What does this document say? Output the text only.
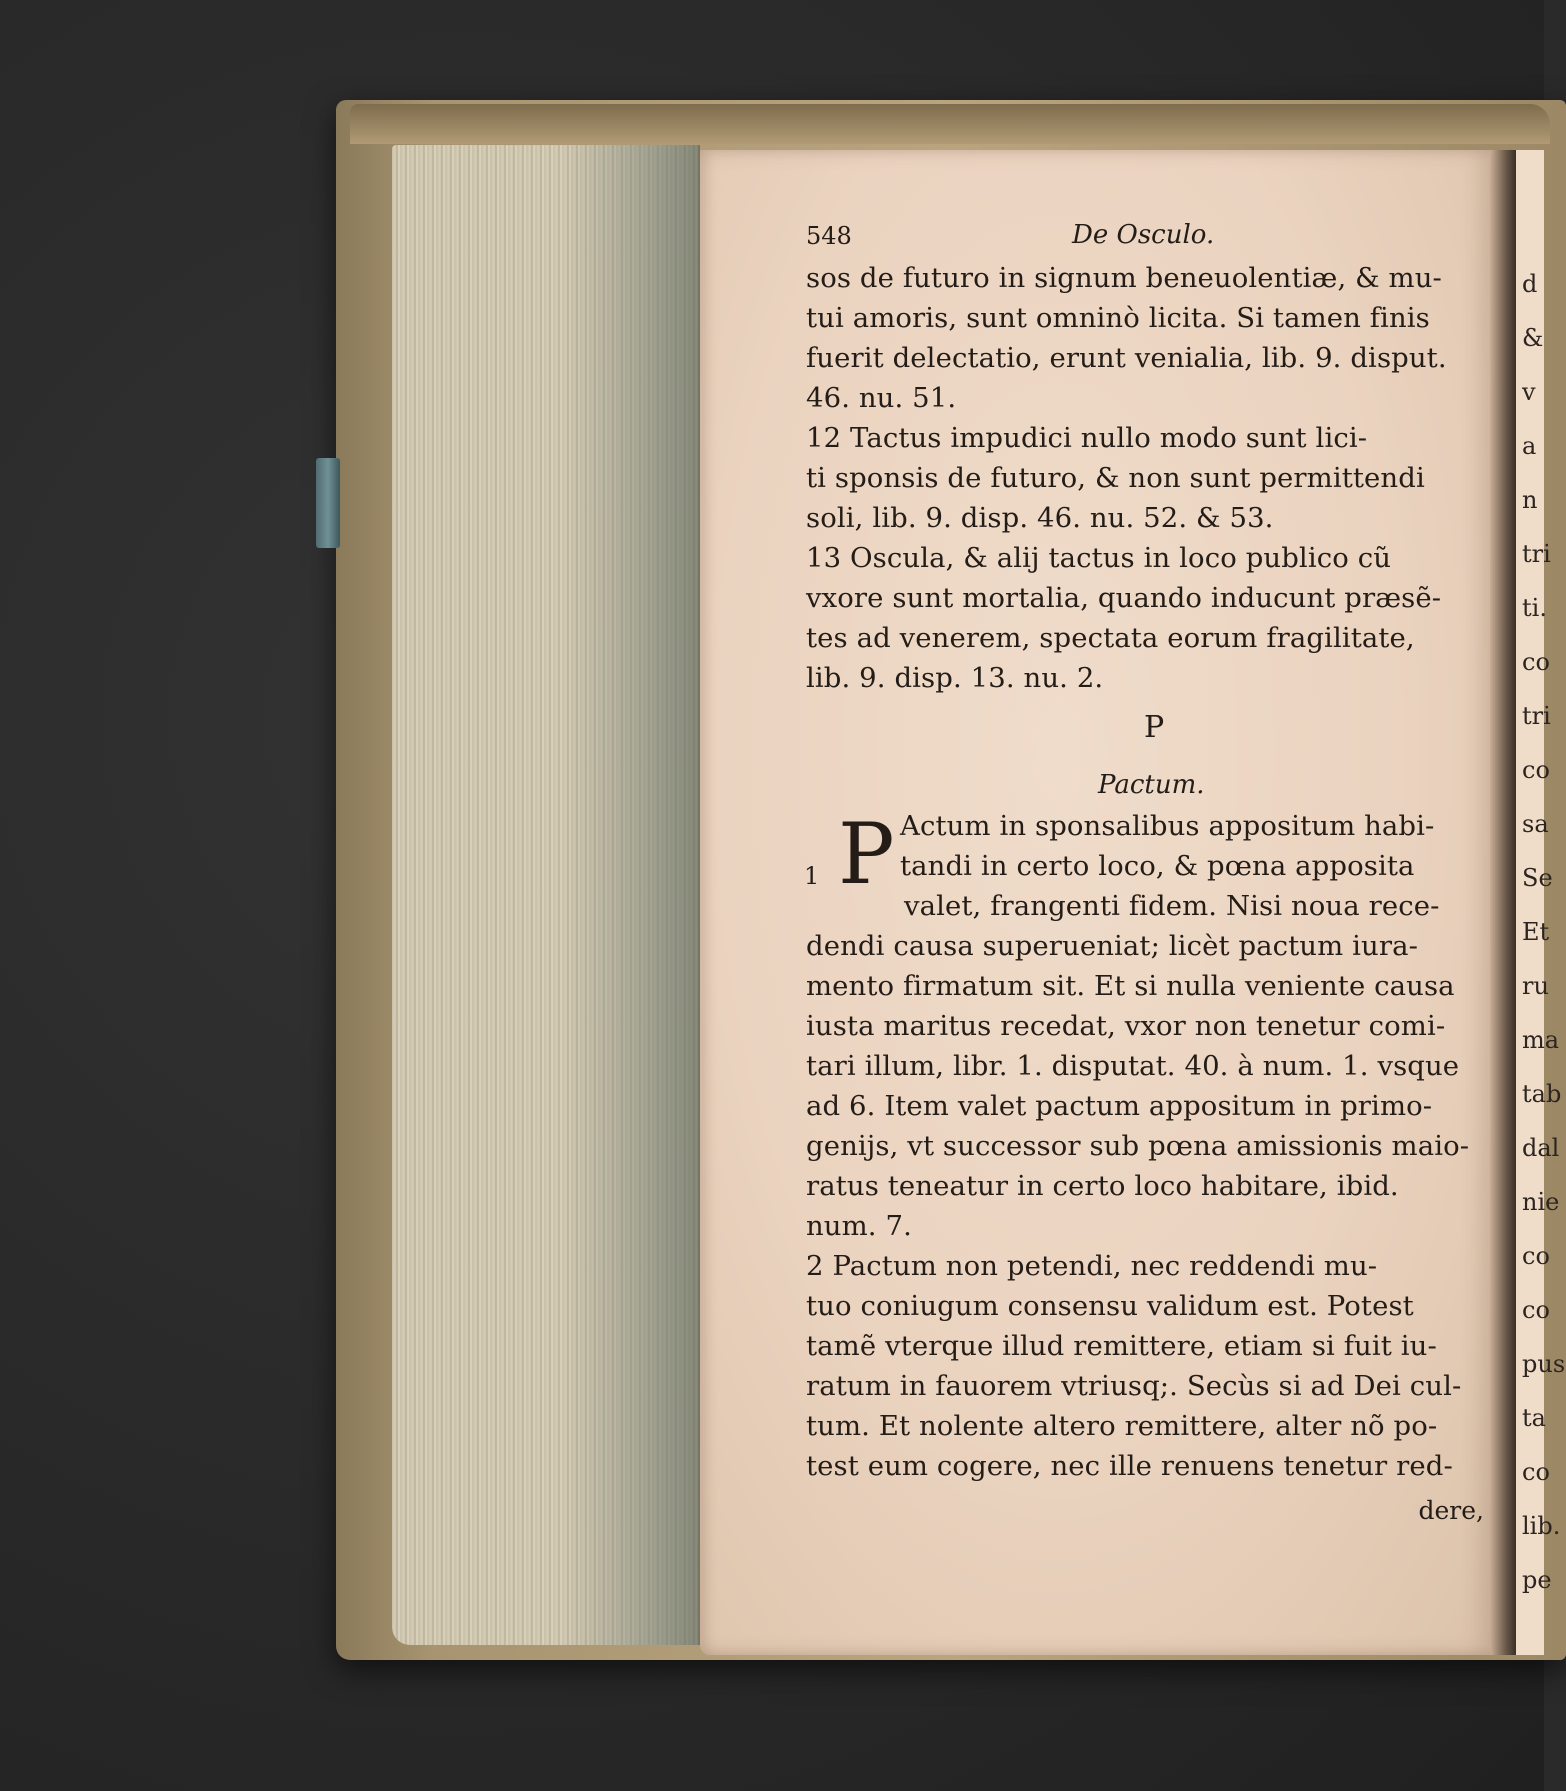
d
&
v
a
n
tri
ti.
co
tri
co
sa
Se
Et
ru
ma
tab
dal
nie
co
co
pus
ta
co
lib.
pe
548	De Osculo.
sos de futuro in signum beneuolentiæ, & mu-
tui amoris, sunt omninò licita. Si tamen finis
fuerit delectatio, erunt venialia, lib. 9. disput.
46. nu. 51.
12 Tactus impudici nullo modo sunt lici-
ti sponsis de futuro, & non sunt permittendi
soli, lib. 9. disp. 46. nu. 52. & 53.
13 Oscula, & alij tactus in loco publico cũ
vxore sunt mortalia, quando inducunt præsẽ-
tes ad venerem, spectata eorum fragilitate,
lib. 9. disp. 13. nu. 2.
P
Pactum.
P
1
Actum in sponsalibus appositum habi-
tandi in certo loco, & pœna apposita
valet, frangenti fidem. Nisi noua rece-
dendi causa superueniat; licèt pactum iura-
mento firmatum sit. Et si nulla veniente causa
iusta maritus recedat, vxor non tenetur comi-
tari illum, libr. 1. disputat. 40. à num. 1. vsque
ad 6. Item valet pactum appositum in primo-
genijs, vt successor sub pœna amissionis maio-
ratus teneatur in certo loco habitare, ibid.
num. 7.
2 Pactum non petendi, nec reddendi mu-
tuo coniugum consensu validum est. Potest
tamẽ vterque illud remittere, etiam si fuit iu-
ratum in fauorem vtriusq;. Secùs si ad Dei cul-
tum. Et nolente altero remittere, alter nõ po-
test eum cogere, nec ille renuens tenetur red-
dere,
